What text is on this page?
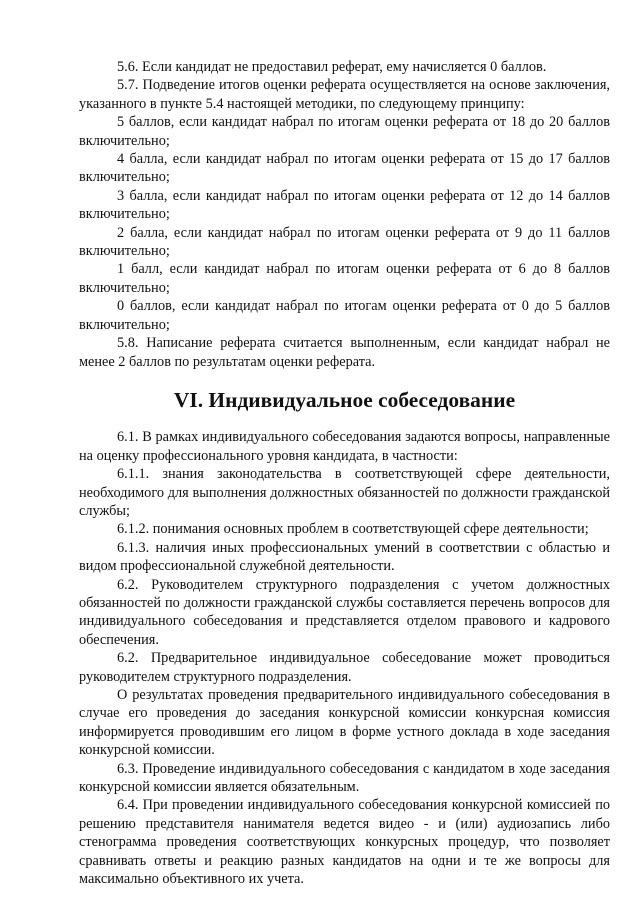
5.6. Если кандидат не предоставил реферат, ему начисляется 0 баллов.

5.7. Подведение итогов оценки реферата осуществляется на основе заключения, указанного в пункте 5.4 настоящей методики, по следующему принципу:

5 баллов, если кандидат набрал по итогам оценки реферата от 18 до 20 баллов включительно;

4 балла, если кандидат набрал по итогам оценки реферата от 15 до 17 баллов включительно;

3 балла, если кандидат набрал по итогам оценки реферата от 12 до 14 баллов включительно;

2 балла, если кандидат набрал по итогам оценки реферата от 9 до 11 баллов включительно;

1 балл, если кандидат набрал по итогам оценки реферата от 6 до 8 баллов включительно;

0 баллов, если кандидат набрал по итогам оценки реферата от 0 до 5 баллов включительно;

5.8. Написание реферата считается выполненным, если кандидат набрал не менее 2 баллов по результатам оценки реферата.

VI. Индивидуальное собеседование

6.1. В рамках индивидуального собеседования задаются вопросы, направленные на оценку профессионального уровня кандидата, в частности:

6.1.1. знания законодательства в соответствующей сфере деятельности, необходимого для выполнения должностных обязанностей по должности гражданской службы;

6.1.2. понимания основных проблем в соответствующей сфере деятельности;

6.1.3. наличия иных профессиональных умений в соответствии с областью и видом профессиональной служебной деятельности.

6.2. Руководителем структурного подразделения с учетом должностных обязанностей по должности гражданской службы составляется перечень вопросов для индивидуального собеседования и представляется отделом правового и кадрового обеспечения.

6.2. Предварительное индивидуальное собеседование может проводиться руководителем структурного подразделения.

О результатах проведения предварительного индивидуального собеседования в случае его проведения до заседания конкурсной комиссии конкурсная комиссия информируется проводившим его лицом в форме устного доклада в ходе заседания конкурсной комиссии.

6.3. Проведение индивидуального собеседования с кандидатом в ходе заседания конкурсной комиссии является обязательным.

6.4. При проведении индивидуального собеседования конкурсной комиссией по решению представителя нанимателя ведется видео - и (или) аудиозапись либо стенограмма проведения соответствующих конкурсных процедур, что позволяет сравнивать ответы и реакцию разных кандидатов на одни и те же вопросы для максимально объективного их учета.
